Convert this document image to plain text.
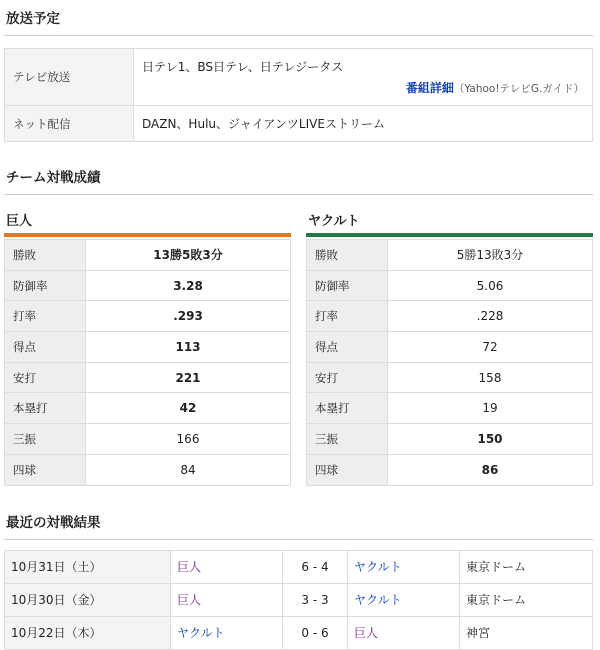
放送予定
テレビ放送	日テレ1、BS日テレ、日テレジータス
番組詳細（Yahoo!テレビG.ガイド）

ネット配信	DAZN、Hulu、ジャイアンツLIVEストリーム
チーム対戦成績
巨人
勝敗	13勝5敗3分
防御率	3.28
打率	.293
得点	113
安打	221
本塁打	42
三振	166
四球	84
ヤクルト
勝敗	5勝13敗3分
防御率	5.06
打率	.228
得点	72
安打	158
本塁打	19
三振	150
四球	86
最近の対戦結果
10月31日（土）	巨人	6 - 4	ヤクルト	東京ドーム
10月30日（金）	巨人	3 - 3	ヤクルト	東京ドーム
10月22日（木）	ヤクルト	0 - 6	巨人	神宮
